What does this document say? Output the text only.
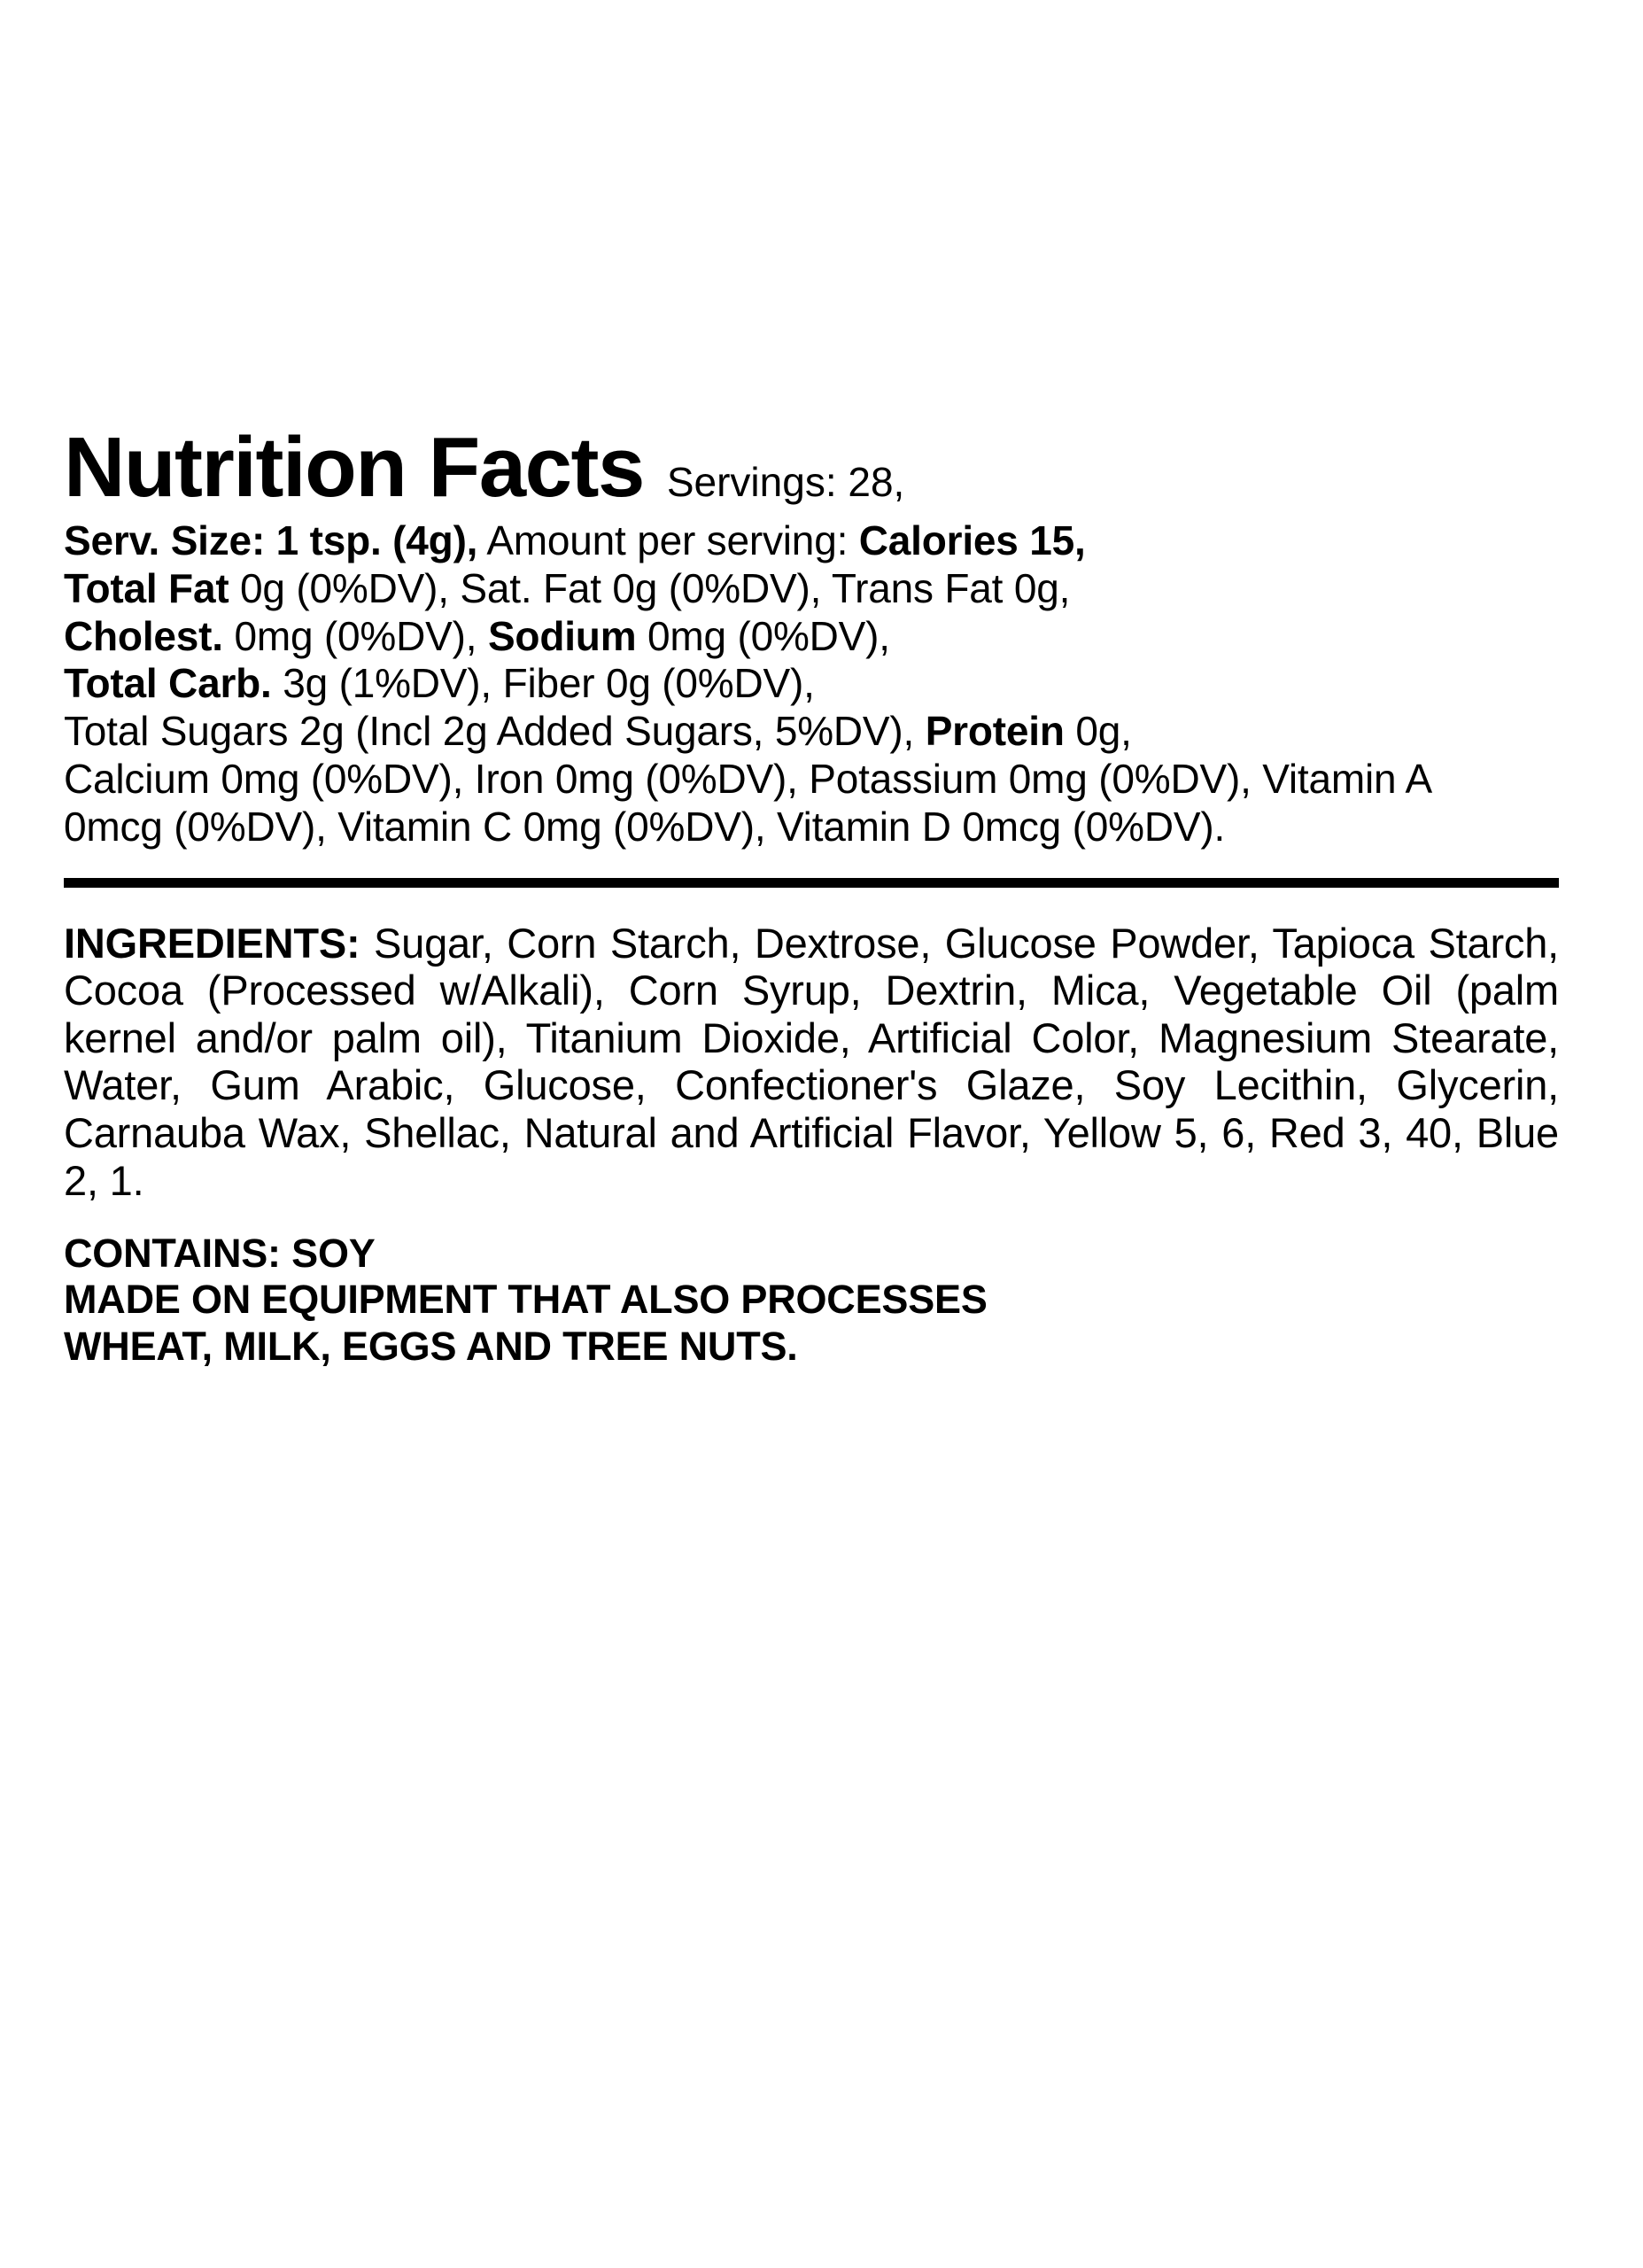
Nutrition Facts Servings: 28,

Serv. Size: 1 tsp. (4g), Amount per serving: Calories 15,

Total Fat 0g (0%DV), Sat. Fat 0g (0%DV), Trans Fat 0g,

Cholest. 0mg (0%DV), Sodium 0mg (0%DV),

Total Carb. 3g (1%DV), Fiber 0g (0%DV),

Total Sugars 2g (Incl 2g Added Sugars, 5%DV), Protein 0g,

Calcium 0mg (0%DV), Iron 0mg (0%DV), Potassium 0mg (0%DV), Vitamin A 0mcg (0%DV), Vitamin C 0mg (0%DV), Vitamin D 0mcg (0%DV).

INGREDIENTS: Sugar, Corn Starch, Dextrose, Glucose Powder, Tapioca Starch, Cocoa (Processed w/Alkali), Corn Syrup, Dextrin, Mica, Vegetable Oil (palm kernel and/or palm oil), Titanium Dioxide, Artificial Color, Magnesium Stearate, Water, Gum Arabic, Glucose, Confectioner's Glaze, Soy Lecithin, Glycerin, Carnauba Wax, Shellac, Natural and Artificial Flavor, Yellow 5, 6, Red 3, 40, Blue 2, 1.

CONTAINS: SOY

MADE ON EQUIPMENT THAT ALSO PROCESSES

WHEAT, MILK, EGGS AND TREE NUTS.
